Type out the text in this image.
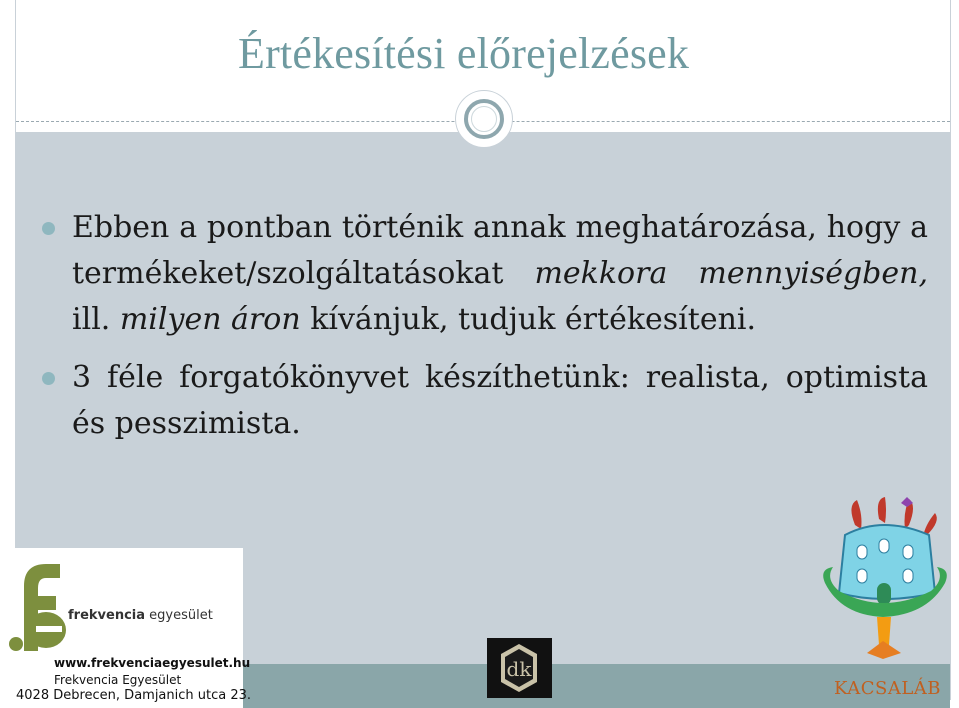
Értékesítési előrejelzések
Ebben a pontban történik annak meghatározása, hogy a termékeket/szolgáltatásokat mekkora mennyiségben, ill. milyen áron kívánjuk, tudjuk értékesíteni.
3 féle forgatókönyvet készíthetünk: realista, optimista és pesszimista.
frekvencia egyesület
www.frekvenciaegyesulet.hu
Frekvencia Egyesület
4028 Debrecen, Damjanich utca 23.
dk
KACSALÁB
